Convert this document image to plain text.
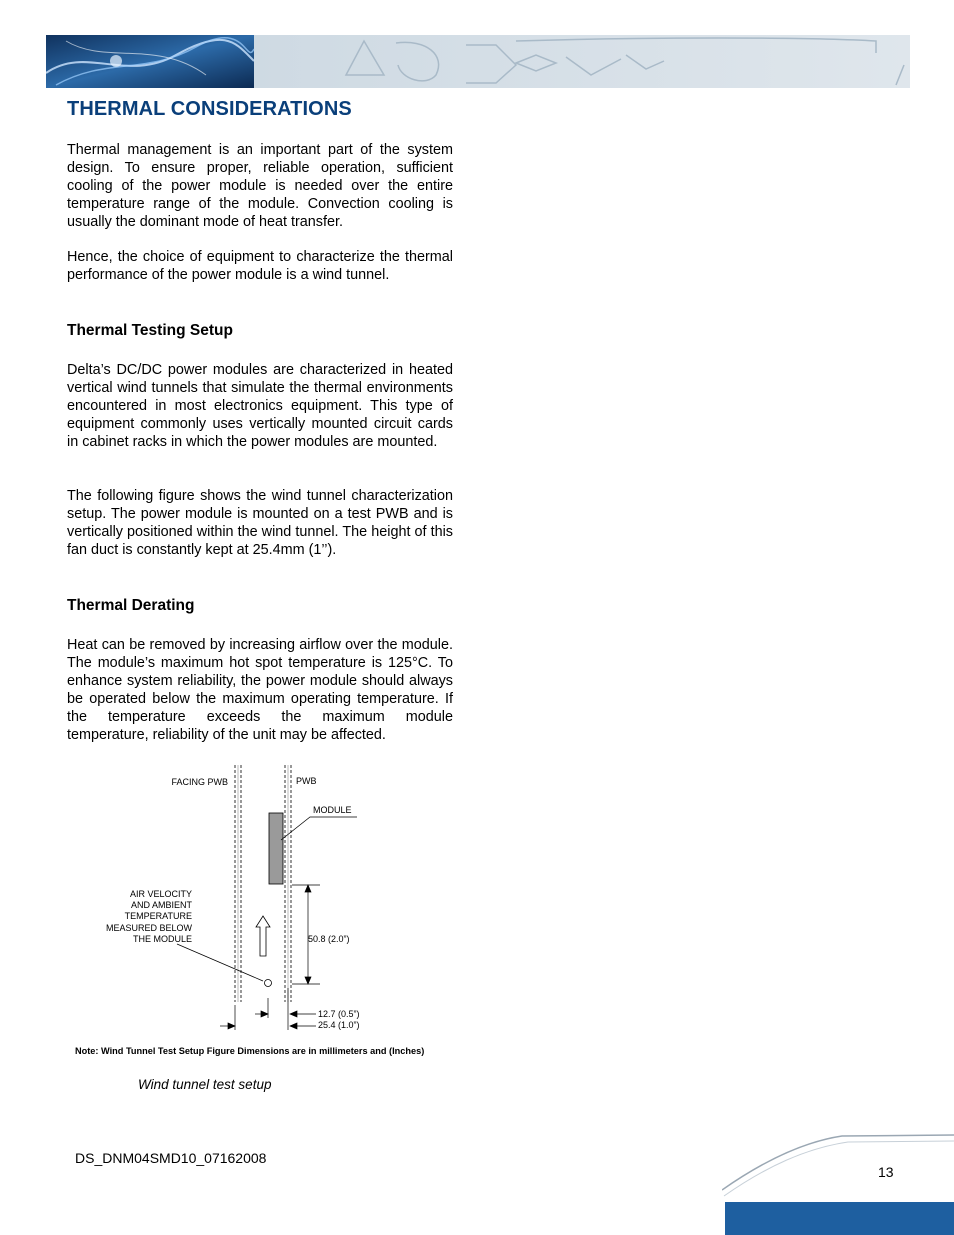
THERMAL CONSIDERATIONS

Thermal management is an important part of the system design. To ensure proper, reliable operation, sufficient cooling of the power module is needed over the entire temperature range of the module. Convection cooling is usually the dominant mode of heat transfer.

Hence, the choice of equipment to characterize the thermal performance of the power module is a wind tunnel.

Thermal Testing Setup

Delta’s DC/DC power modules are characterized in heated vertical wind tunnels that simulate the thermal environments encountered in most electronics equipment. This type of equipment commonly uses vertically mounted circuit cards in cabinet racks in which the power modules are mounted.

The following figure shows the wind tunnel characterization setup. The power module is mounted on a test PWB and is vertically positioned within the wind tunnel. The height of this fan duct is constantly kept at 25.4mm (1’’).

Thermal Derating

Heat can be removed by increasing airflow over the module. The module’s maximum hot spot temperature is 125°C. To enhance system reliability, the power module should always be operated below the maximum operating temperature. If the temperature exceeds the maximum module temperature, reliability of the unit may be affected.

FACING PWB	PWB
MODULE
AIR VELOCITY
AND AMBIENT
TEMPERATURE
MEASURED BELOW
THE MODULE	50.8 (2.0”)
12.7 (0.5”)
25.4 (1.0”)

Note: Wind Tunnel Test Setup Figure Dimensions are in millimeters and (Inches)

Wind tunnel test setup

DS_DNM04SMD10_07162008
13
